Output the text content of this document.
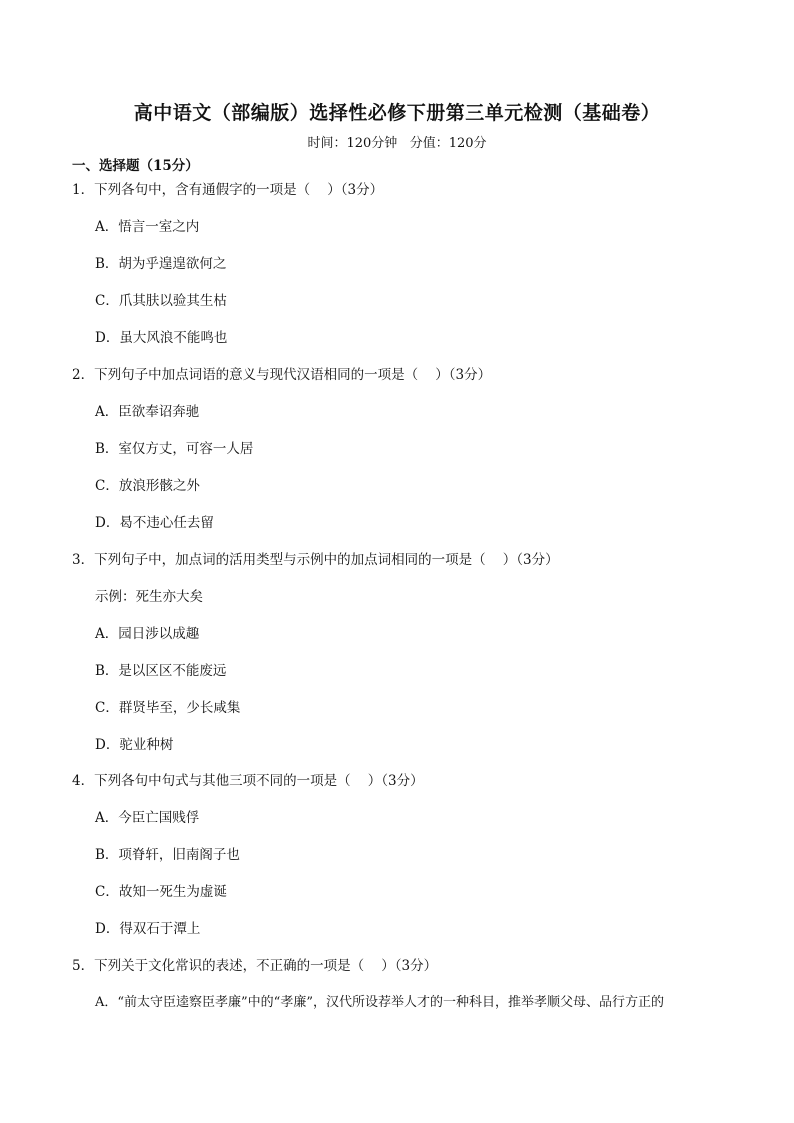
高中语文（部编版）选择性必修下册第三单元检测（基础卷）
时间：120分钟   分值：120分
一、选择题（15分）
1．下列各句中，含有通假字的一项是（    ）（3分）
A．悟言一室之内
B．胡为乎遑遑欲何之
C．爪其肤以验其生枯
D．虽大风浪不能鸣也
2．下列句子中加点词语的意义与现代汉语相同的一项是（    ）（3分）
A．臣欲奉诏奔驰
B．室仅方丈，可容一人居
C．放浪形骸之外
D．曷不违心任去留
3．下列句子中，加点词的活用类型与示例中的加点词相同的一项是（    ）（3分）
示例：死生亦大矣
A．园日涉以成趣
B．是以区区不能废远
C．群贤毕至，少长咸集
D．驼业种树
4．下列各句中句式与其他三项不同的一项是（    ）（3分）
A．今臣亡国贱俘
B．项脊轩，旧南阁子也
C．故知一死生为虚诞
D．得双石于潭上
5．下列关于文化常识的表述，不正确的一项是（    ）（3分）
A．“前太守臣逵察臣孝廉”中的“孝廉”，汉代所设荐举人才的一种科目，推举孝顺父母、品行方正的
